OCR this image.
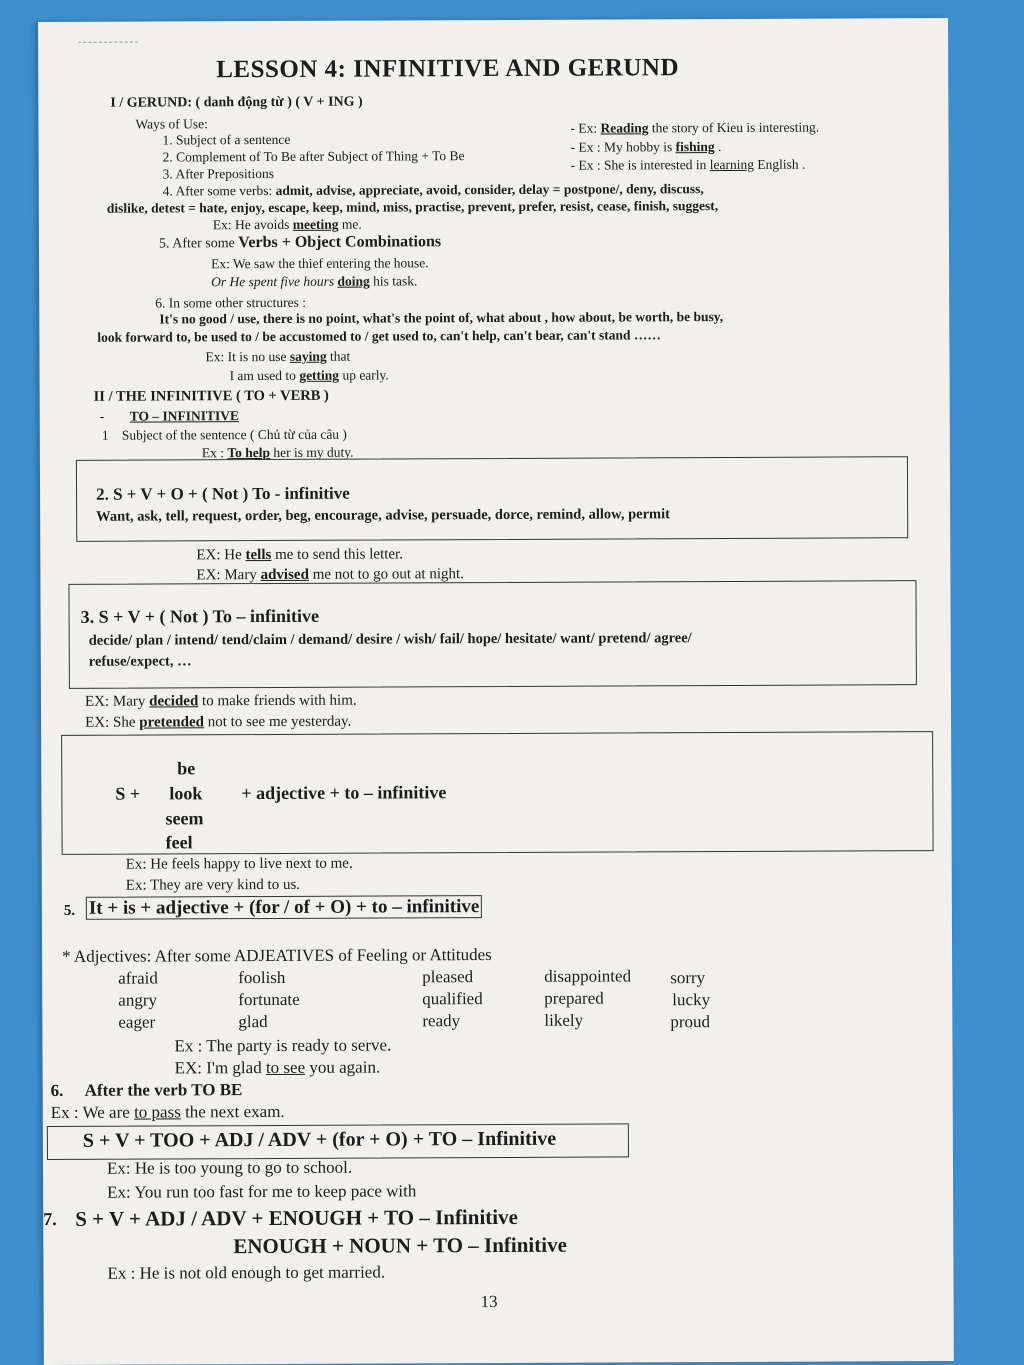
LESSON 4: INFINITIVE AND GERUND
I / GERUND: ( danh động từ ) ( V + ING )
Ways of Use:
1. Subject of a sentence
2. Complement of To Be after Subject of Thing + To Be
3. After Prepositions
- Ex: Reading the story of Kieu is interesting.
- Ex : My hobby is fishing .
- Ex : She is interested in learning English .
4. After some verbs: admit, advise, appreciate, avoid, consider, delay = postpone/, deny, discuss,
dislike, detest = hate, enjoy, escape, keep, mind, miss, practise, prevent, prefer, resist, cease, finish, suggest,
Ex: He avoids meeting me.
5. After some Verbs + Object Combinations
Ex: We saw the thief entering the house.
Or He spent five hours doing his task.
6. In some other structures :
It's no good / use, there is no point, what's the point of, what about , how about, be worth, be busy,
look forward to, be used to / be accustomed to / get used to, can't help, can't bear, can't stand ……
Ex: It is no use saying that
I am used to getting up early.
II / THE INFINITIVE ( TO + VERB )
- TO – INFINITIVE
1 Subject of the sentence ( Chủ từ của câu )
Ex : To help her is my duty.
2. S + V + O + ( Not ) To - infinitive
Want, ask, tell, request, order, beg, encourage, advise, persuade, dorce, remind, allow, permit
EX: He tells me to send this letter.
EX: Mary advised me not to go out at night.
3. S + V + ( Not ) To – infinitive
decide/ plan / intend/ tend/claim / demand/ desire / wish/ fail/ hope/ hesitate/ want/ pretend/ agree/
refuse/expect, …
EX: Mary decided to make friends with him.
EX: She pretended not to see me yesterday.
S +
be
look
seem
feel
+ adjective + to – infinitive
Ex: He feels happy to live next to me.
Ex: They are very kind to us.
5. It + is + adjective + (for / of + O) + to – infinitive
* Adjectives: After some ADJEATIVES of Feeling or Attitudes
afraid
angry
eager
foolish
fortunate
glad
pleased
qualified
ready
disappointed
prepared
likely
sorry
lucky
proud
Ex : The party is ready to serve.
EX: I'm glad to see you again.
6. After the verb TO BE
Ex : We are to pass the next exam.
S + V + TOO + ADJ / ADV + (for + O) + TO – Infinitive
Ex: He is too young to go to school.
Ex: You run too fast for me to keep pace with
7. S + V + ADJ / ADV + ENOUGH + TO – Infinitive
ENOUGH + NOUN + TO – Infinitive
Ex : He is not old enough to get married.
13
